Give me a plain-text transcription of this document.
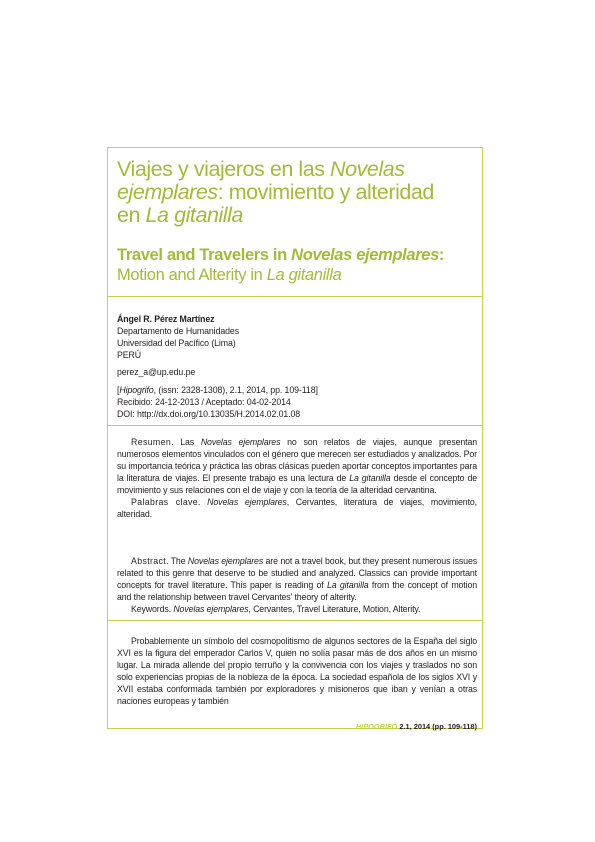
Viajes y viajeros en las Novelas
ejemplares: movimiento y alteridad
en La gitanilla
Travel and Travelers in Novelas ejemplares:
Motion and Alterity in La gitanilla
Ángel R. Pérez Martínez
Departamento de Humanidades
Universidad del Pacífico (Lima)
PERÚ
perez_a@up.edu.pe
[Hipogrifo, (issn: 2328-1308), 2.1, 2014, pp. 109-118]
Recibido: 24-12-2013 / Aceptado: 04-02-2014
DOI: http://dx.doi.org/10.13035/H.2014.02.01.08

Resumen. Las Novelas ejemplares no son relatos de viajes, aunque presentan numerosos elementos vinculados con el género que merecen ser estudiados y analizados. Por su importancia teórica y práctica las obras clásicas pueden aportar conceptos importantes para la literatura de viajes. El presente trabajo es una lectura de La gitanilla desde el concepto de movimiento y sus relaciones con el de viaje y con la teoría de la alteridad cervantina.

Palabras clave. Novelas ejemplares, Cervantes, literatura de viajes, movimiento, alteridad.

Abstract. The Novelas ejemplares are not a travel book, but they present numerous issues related to this genre that deserve to be studied and analyzed. Classics can provide important concepts for travel literature. This paper is reading of La gitanilla from the concept of motion and the relationship between travel Cervantes' theory of alterity.

Keywords. Novelas ejemplares, Cervantes, Travel Literature, Motion, Alterity.

Probablemente un símbolo del cosmopolitismo de algunos sectores de la España del siglo XVI es la figura del emperador Carlos V, quien no solía pasar más de dos años en un mismo lugar. La mirada allende del propio terruño y la convivencia con los viajes y traslados no son solo experiencias propias de la nobleza de la época. La sociedad española de los siglos XVI y XVII estaba conformada también por exploradores y misioneros que iban y venían a otras naciones europeas y también

HIPOGRIFO 2.1, 2014 (pp. 109-118)
